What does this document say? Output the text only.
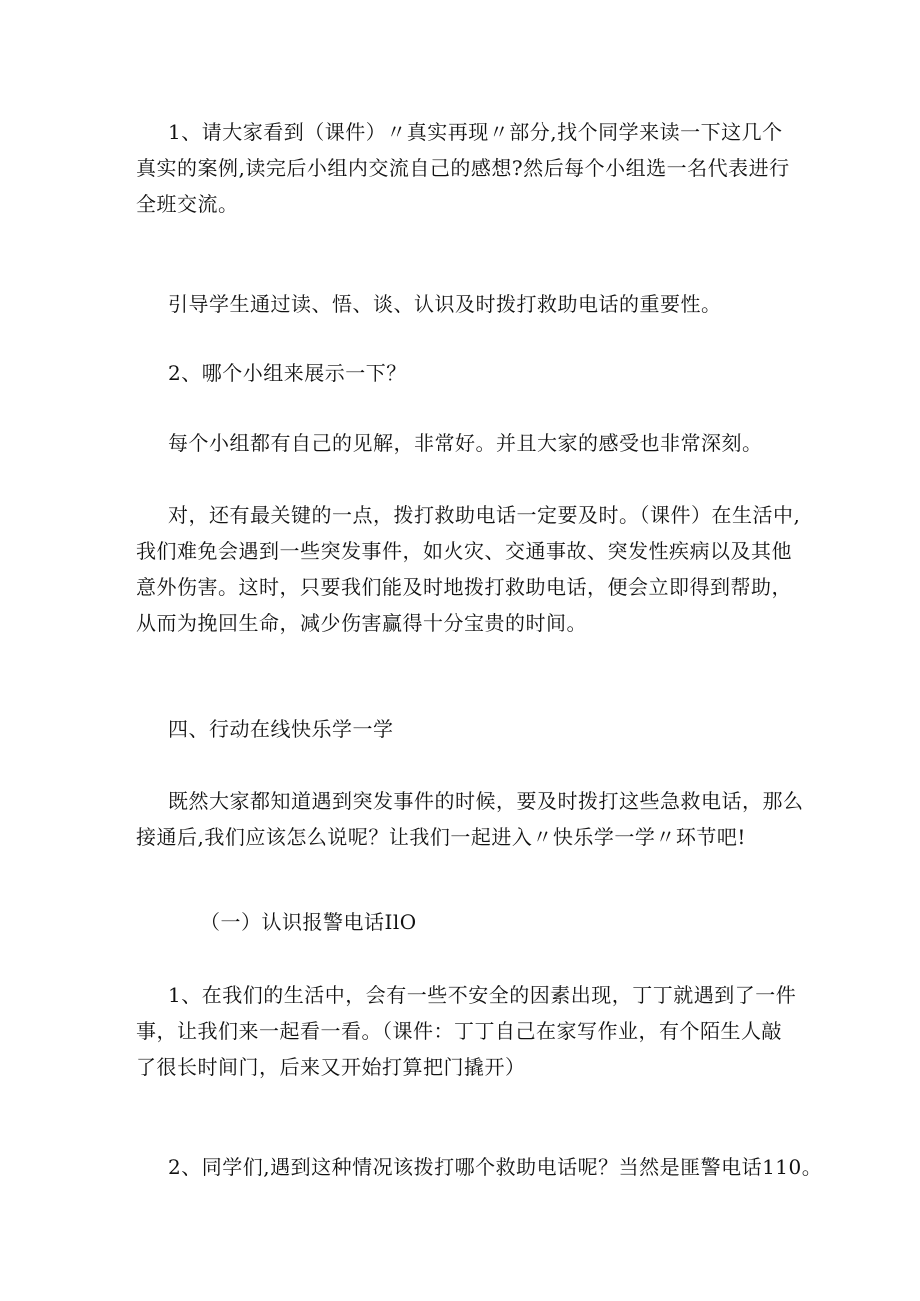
1、请大家看到（课件）〃真实再现〃部分,找个同学来读一下这几个
真实的案例,读完后小组内交流自己的感想?然后每个小组选一名代表进行
全班交流。

引导学生通过读、悟、谈、认识及时拨打救助电话的重要性。

2、哪个小组来展示一下？

每个小组都有自己的见解，非常好。并且大家的感受也非常深刻。

对，还有最关键的一点，拨打救助电话一定要及时。（课件）在生活中,
我们难免会遇到一些突发事件，如火灾、交通事故、突发性疾病以及其他
意外伤害。这时，只要我们能及时地拨打救助电话，便会立即得到帮助，
从而为挽回生命，减少伤害赢得十分宝贵的时间。

四、行动在线快乐学一学

既然大家都知道遇到突发事件的时候，要及时拨打这些急救电话，那么
接通后,我们应该怎么说呢？让我们一起进入〃快乐学一学〃环节吧!

（一）认识报警电话IlO

1、在我们的生活中，会有一些不安全的因素出现，丁丁就遇到了一件
事，让我们来一起看一看。（课件：丁丁自己在家写作业，有个陌生人敲
了很长时间门，后来又开始打算把门撬开）

2、同学们,遇到这种情况该拨打哪个救助电话呢？当然是匪警电话110。
